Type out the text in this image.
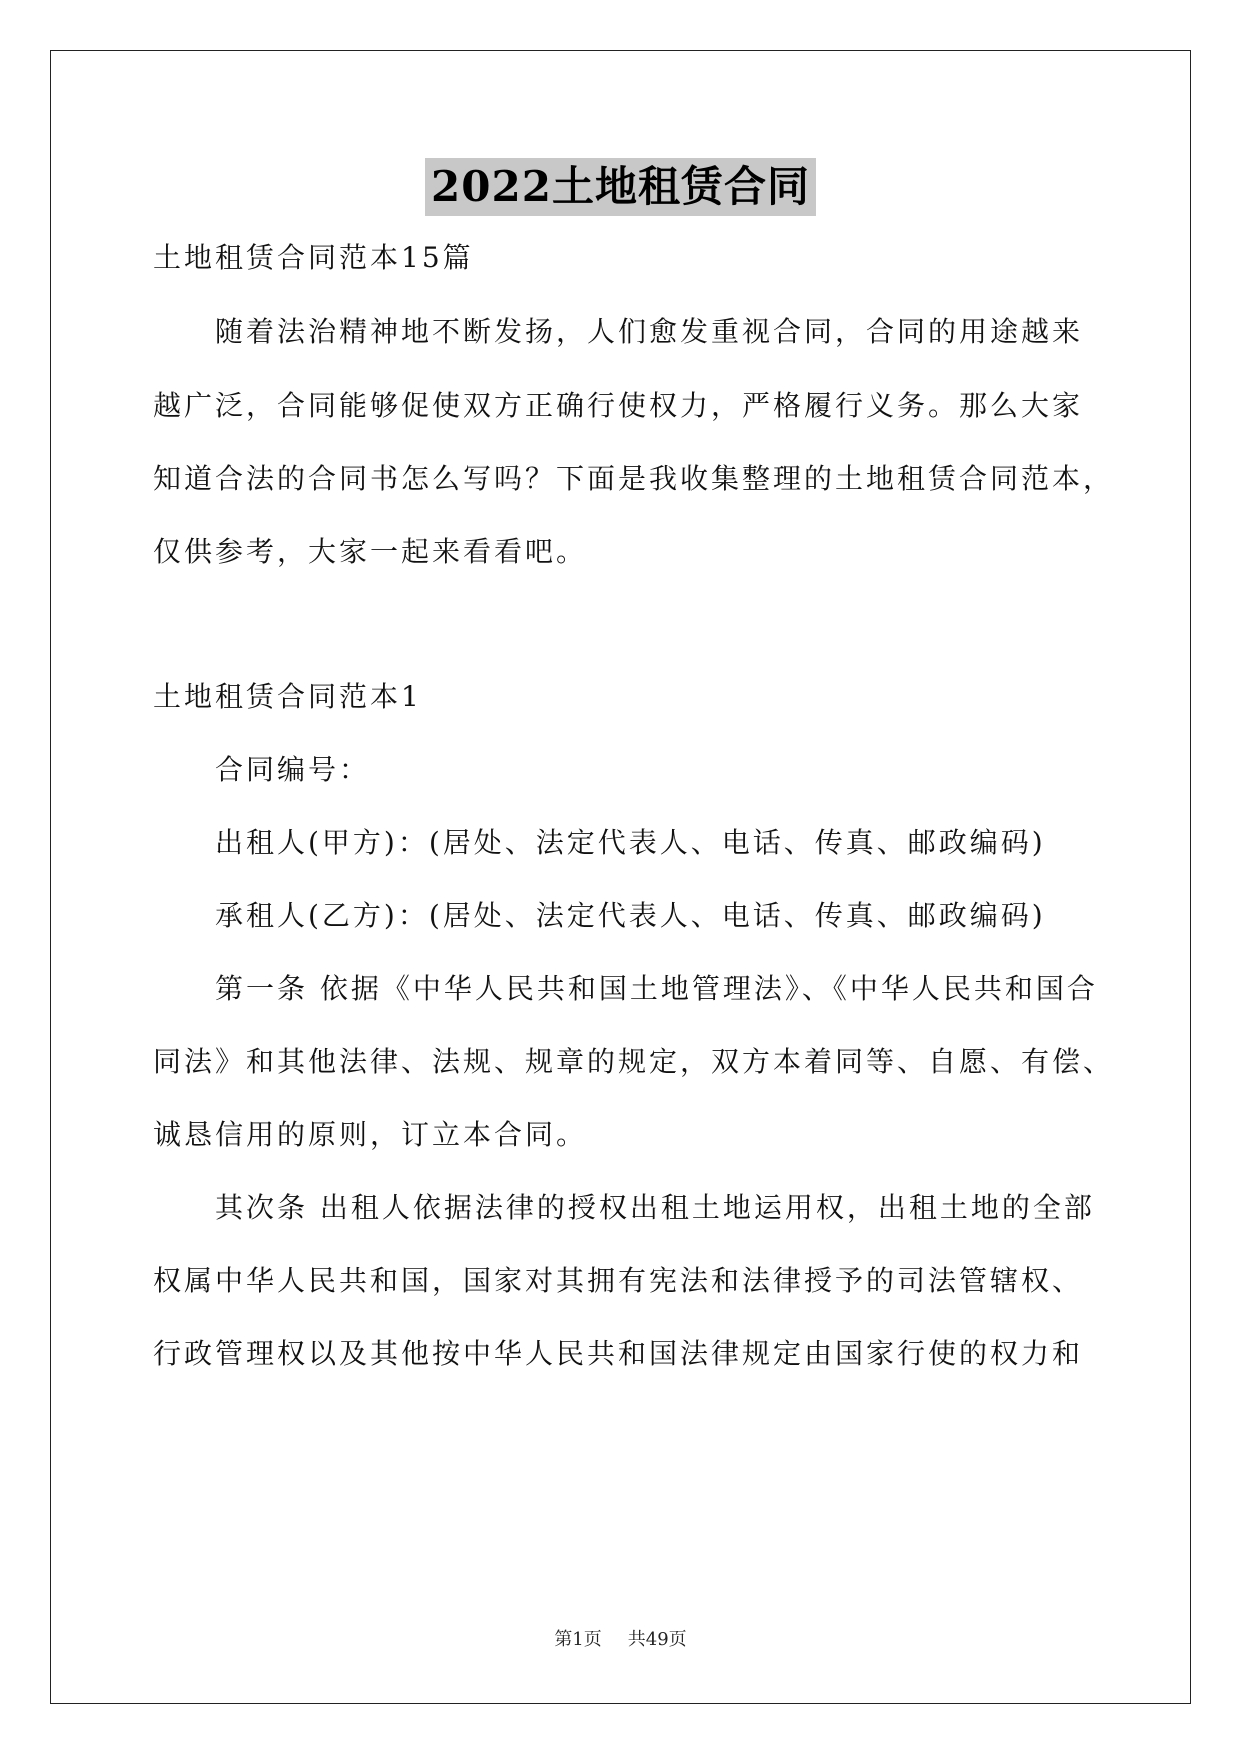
2022土地租赁合同
土地租赁合同范本15篇
随着法治精神地不断发扬，人们愈发重视合同，合同的用途越来
越广泛，合同能够促使双方正确行使权力，严格履行义务。那么大家
知道合法的合同书怎么写吗？下面是我收集整理的土地租赁合同范本，
仅供参考，大家一起来看看吧。
土地租赁合同范本1
合同编号：
出租人(甲方)：(居处、法定代表人、电话、传真、邮政编码)
承租人(乙方)：(居处、法定代表人、电话、传真、邮政编码)
第一条 依据《中华人民共和国土地管理法》、《中华人民共和国合
同法》和其他法律、法规、规章的规定，双方本着同等、自愿、有偿、
诚恳信用的原则，订立本合同。
其次条 出租人依据法律的授权出租土地运用权，出租土地的全部
权属中华人民共和国，国家对其拥有宪法和法律授予的司法管辖权、
行政管理权以及其他按中华人民共和国法律规定由国家行使的权力和
第1页 共49页
